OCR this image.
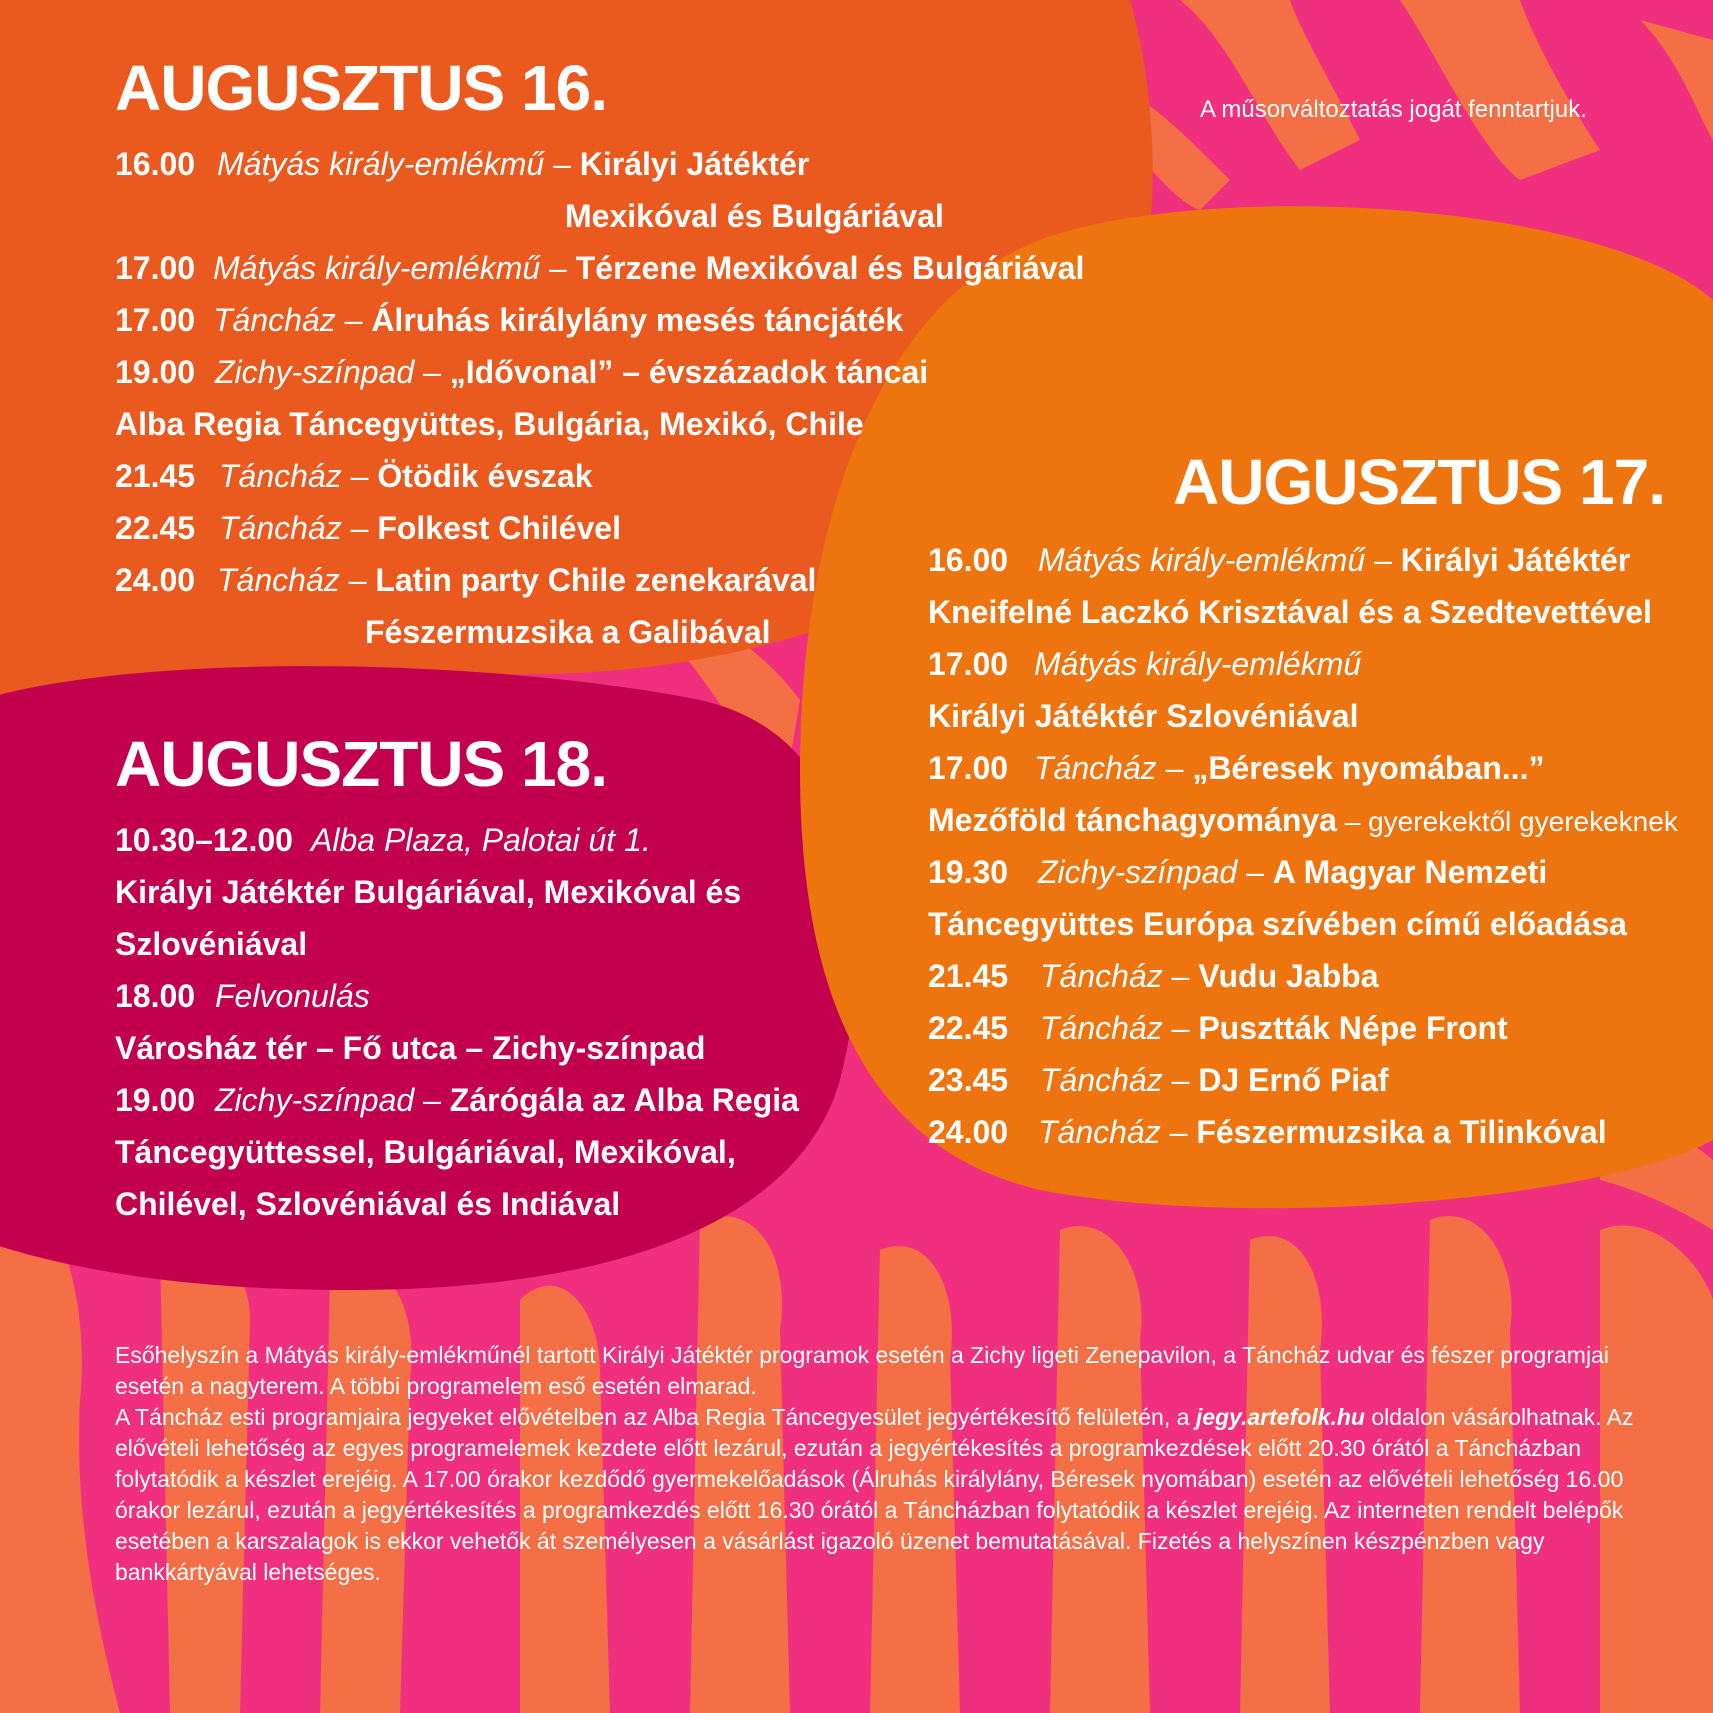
A műsorváltoztatás jogát fenntartjuk.
AUGUSZTUS 16.
16.00 Mátyás király-emlékmű – Királyi Játéktér
Mexikóval és Bulgáriával
17.00 Mátyás király-emlékmű – Térzene Mexikóval és Bulgáriával
17.00 Táncház – Álruhás királylány mesés táncjáték
19.00 Zichy-színpad – „Idővonal” – évszázadok táncai
Alba Regia Táncegyüttes, Bulgária, Mexikó, Chile
21.45 Táncház – Ötödik évszak
22.45 Táncház – Folkest Chilével
24.00 Táncház – Latin party Chile zenekarával
Fészermuzsika a Galibával
AUGUSZTUS 17.
16.00 Mátyás király-emlékmű – Királyi Játéktér
Kneifelné Laczkó Krisztával és a Szedtevettével
17.00 Mátyás király-emlékmű
Királyi Játéktér Szlovéniával
17.00 Táncház – „Béresek nyomában...”
Mezőföld tánchagyománya – gyerekektől gyerekeknek
19.30 Zichy-színpad – A Magyar Nemzeti
Táncegyüttes Európa szívében című előadása
21.45 Táncház – Vudu Jabba
22.45 Táncház – Pusztták Népe Front
23.45 Táncház – DJ Ernő Piaf
24.00 Táncház – Fészermuzsika a Tilinkóval
AUGUSZTUS 18.
10.30–12.00 Alba Plaza, Palotai út 1.
Királyi Játéktér Bulgáriával, Mexikóval és
Szlovéniával
18.00 Felvonulás
Városház tér – Fő utca – Zichy-színpad
19.00 Zichy-színpad – Zárógála az Alba Regia
Táncegyüttessel, Bulgáriával, Mexikóval,
Chilével, Szlovéniával és Indiával

Esőhelyszín a Mátyás király-emlékműnél tartott Királyi Játéktér programok esetén a Zichy ligeti Zenepavilon, a Táncház udvar és fészer programjai esetén a nagyterem. A többi programelem eső esetén elmarad.

A Táncház esti programjaira jegyeket elővételben az Alba Regia Táncegyesület jegyértékesítő felületén, a jegy.artefolk.hu oldalon vásárolhatnak. Az elővételi lehetőség az egyes programelemek kezdete előtt lezárul, ezután a jegyértékesítés a programkezdések előtt 20.30 órától a Táncházban folytatódik a készlet erejéig. A 17.00 órakor kezdődő gyermekelőadások (Álruhás királylány, Béresek nyomában) esetén az elővételi lehetőség 16.00 órakor lezárul, ezután a jegyértékesítés a programkezdés előtt 16.30 órától a Táncházban folytatódik a készlet erejéig. Az interneten rendelt belépők esetében a karszalagok is ekkor vehetők át személyesen a vásárlást igazoló üzenet bemutatásával. Fizetés a helyszínen készpénzben vagy bankkártyával lehetséges.
